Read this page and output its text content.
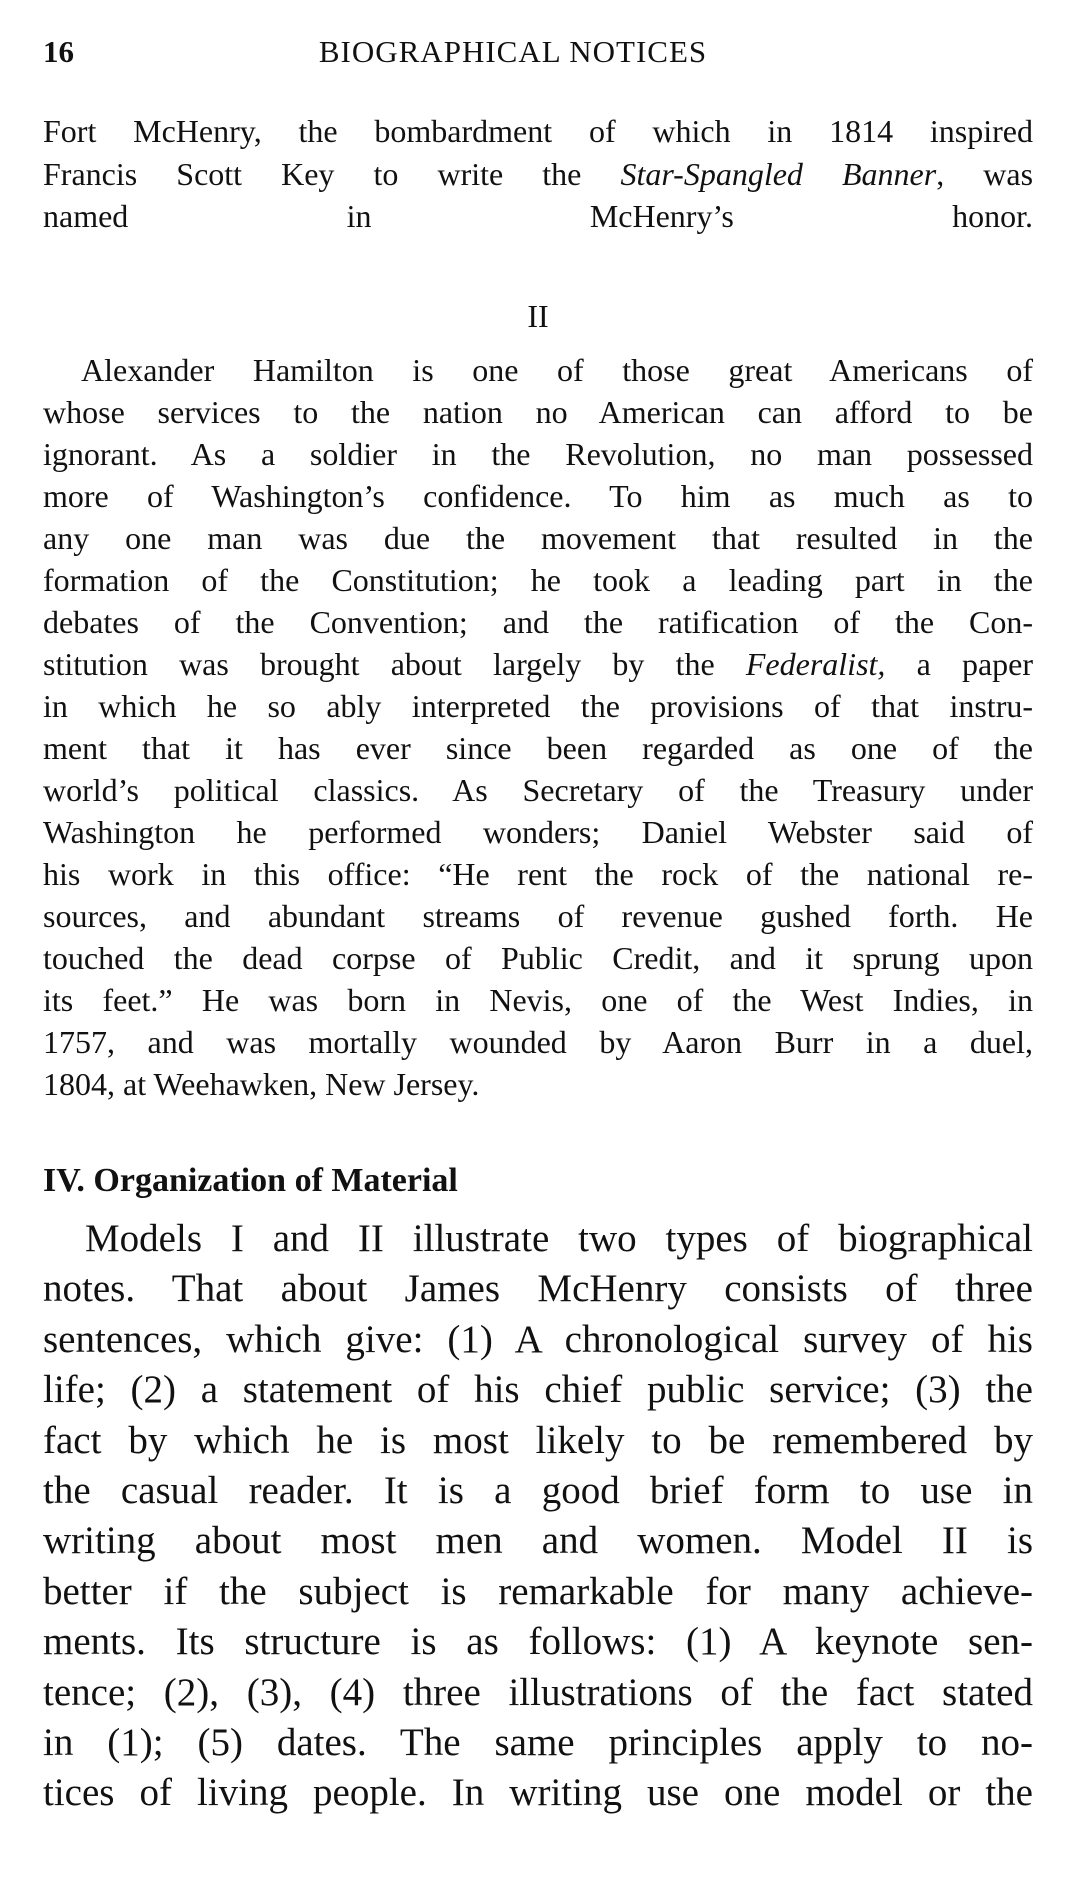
16	BIOGRAPHICAL NOTICES
Fort McHenry, the bombardment of which in 1814 inspired
Francis Scott Key to write the Star-Spangled Banner, was
named in McHenry’s honor.
II
Alexander Hamilton is one of those great Americans of
whose services to the nation no American can afford to be
ignorant. As a soldier in the Revolution, no man possessed
more of Washington’s confidence. To him as much as to
any one man was due the movement that resulted in the
formation of the Constitution; he took a leading part in the
debates of the Convention; and the ratification of the Con-
stitution was brought about largely by the Federalist, a paper
in which he so ably interpreted the provisions of that instru-
ment that it has ever since been regarded as one of the
world’s political classics. As Secretary of the Treasury under
Washington he performed wonders; Daniel Webster said of
his work in this office: “He rent the rock of the national re-
sources, and abundant streams of revenue gushed forth. He
touched the dead corpse of Public Credit, and it sprung upon
its feet.” He was born in Nevis, one of the West Indies, in
1757, and was mortally wounded by Aaron Burr in a duel,
1804, at Weehawken, New Jersey.
IV. Organization of Material
Models I and II illustrate two types of biographical
notes. That about James McHenry consists of three
sentences, which give: (1) A chronological survey of his
life; (2) a statement of his chief public service; (3) the
fact by which he is most likely to be remembered by
the casual reader. It is a good brief form to use in
writing about most men and women. Model II is
better if the subject is remarkable for many achieve-
ments. Its structure is as follows: (1) A keynote sen-
tence; (2), (3), (4) three illustrations of the fact stated
in (1); (5) dates. The same principles apply to no-
tices of living people. In writing use one model or the
